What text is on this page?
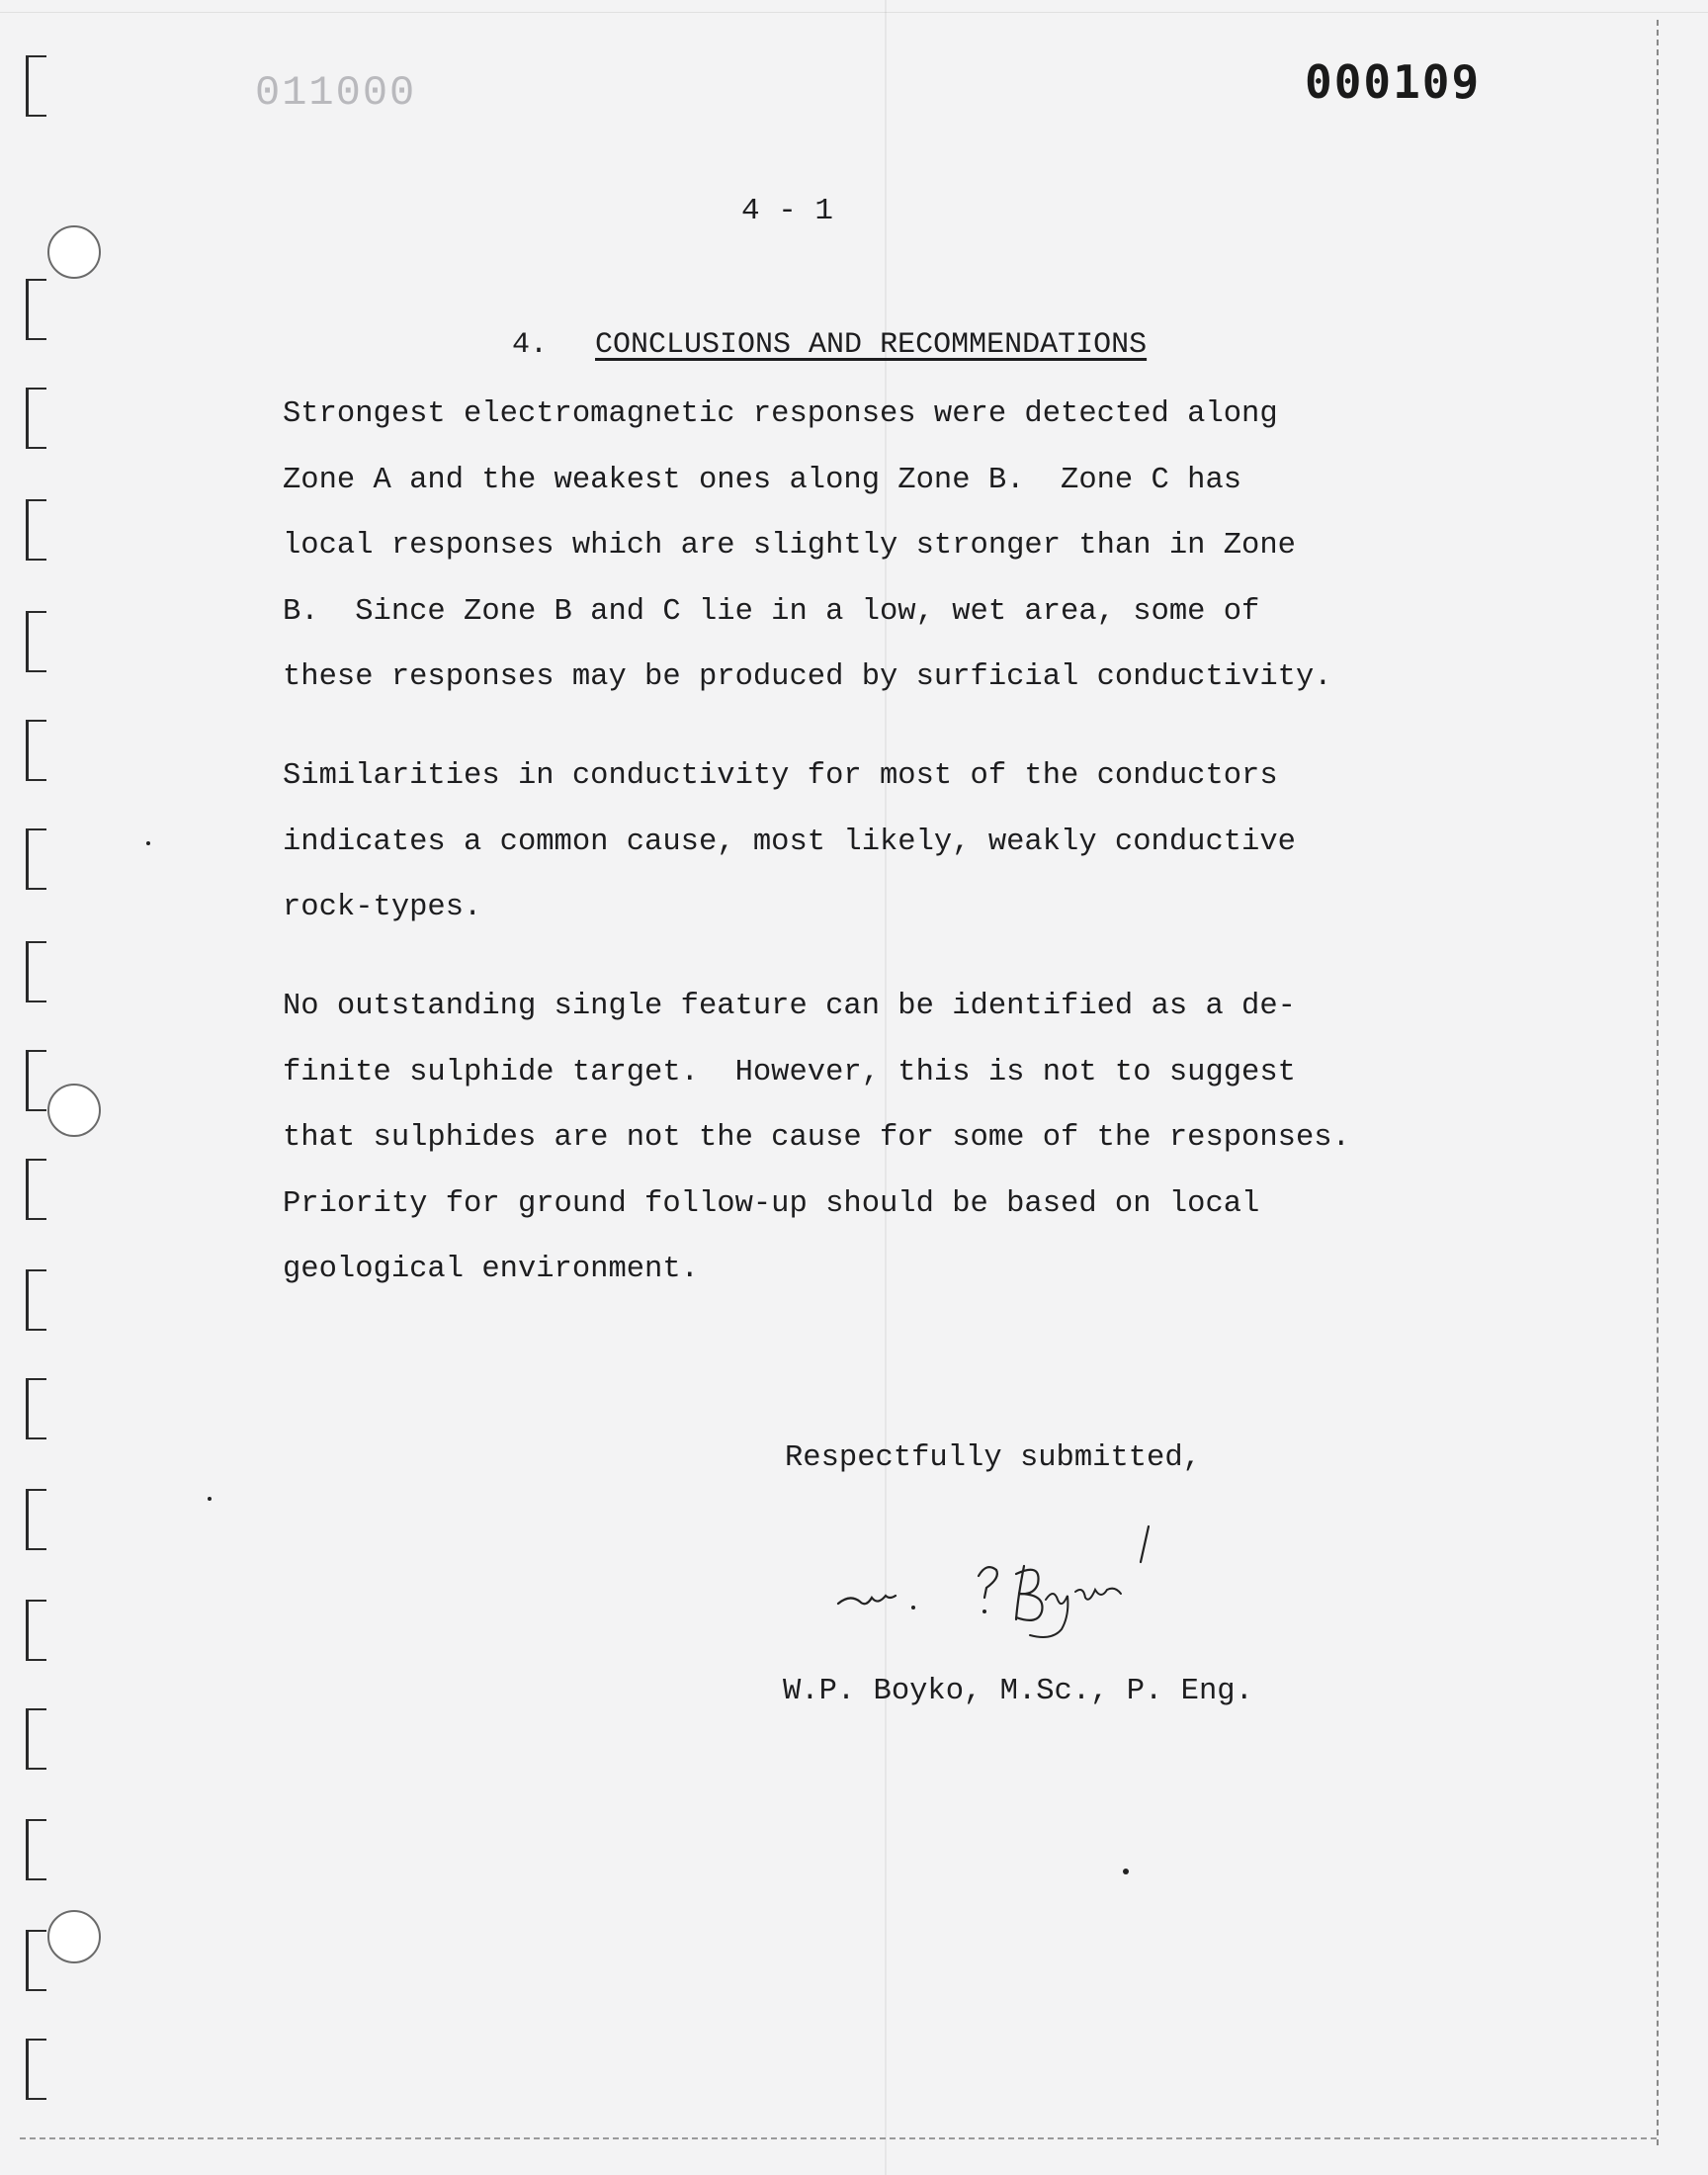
011000	000109
4 - 1

4. CONCLUSIONS AND RECOMMENDATIONS

Strongest electromagnetic responses were detected along
Zone A and the weakest ones along Zone B.  Zone C has
local responses which are slightly stronger than in Zone
B.  Since Zone B and C lie in a low, wet area, some of
these responses may be produced by surficial conductivity.
Similarities in conductivity for most of the conductors
indicates a common cause, most likely, weakly conductive
rock-types.
No outstanding single feature can be identified as a de-
finite sulphide target.  However, this is not to suggest
that sulphides are not the cause for some of the responses.
Priority for ground follow-up should be based on local
geological environment.
Respectfully submitted,
W.P. Boyko, M.Sc., P. Eng.
